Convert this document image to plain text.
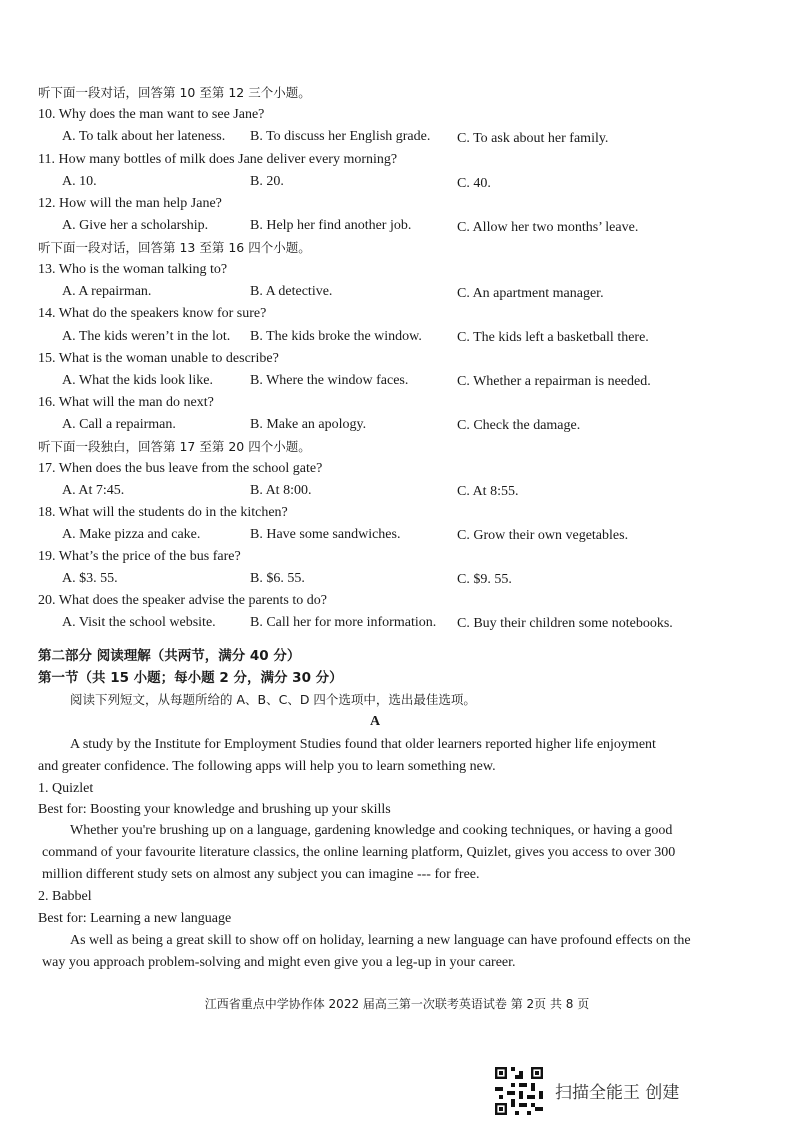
听下面一段对话，回答第 10 至第 12 三个小题。
10. Why does the man want to see Jane?
A. To talk about her lateness. B. To discuss her English grade. C. To ask about her family.
11. How many bottles of milk does Jane deliver every morning?
A. 10.	B. 20.	C. 40.
12. How will the man help Jane?
A. Give her a scholarship.	B. Help her find another job.	C. Allow her two months’ leave.
听下面一段对话，回答第 13 至第 16 四个小题。
13. Who is the woman talking to?
A. A repairman.	B. A detective.	C. An apartment manager.
14. What do the speakers know for sure?
A. The kids weren’t in the lot. B. The kids broke the window.	C. The kids left a basketball there.
15. What is the woman unable to describe?
A. What the kids look like.	B. Where the window faces.	C. Whether a repairman is needed.
16. What will the man do next?
A. Call a repairman.	B. Make an apology.	C. Check the damage.
听下面一段独白，回答第 17 至第 20 四个小题。
17. When does the bus leave from the school gate?
A. At 7:45.	B. At 8:00.	C. At 8:55.
18. What will the students do in the kitchen?
A. Make pizza and cake.	B. Have some sandwiches.	C. Grow their own vegetables.
19. What’s the price of the bus fare?
A. $3. 55.	B. $6. 55.	C. $9. 55.
20. What does the speaker advise the parents to do?
A. Visit the school website. B. Call her for more information. C. Buy their children some notebooks.
第二部分 阅读理解（共两节，满分 40 分）
第一节（共 15 小题；每小题 2 分，满分 30 分）
阅读下列短文，从每题所给的 A、B、C、D 四个选项中，选出最佳选项。
A
A study by the Institute for Employment Studies found that older learners reported higher life enjoyment
and greater confidence. The following apps will help you to learn something new.
1. Quizlet
Best for: Boosting your knowledge and brushing up your skills
Whether you're brushing up on a language, gardening knowledge and cooking techniques, or having a good command of your favourite literature classics, the online learning platform, Quizlet, gives you access to over 300 million different study sets on almost any subject you can imagine --- for free.
2. Babbel
Best for: Learning a new language
As well as being a great skill to show off on holiday, learning a new language can have profound effects on the way you approach problem-solving and might even give you a leg-up in your career.
江西省重点中学协作体 2022 届高三第一次联考英语试卷 第 2页 共 8 页
扫描全能王 创建
